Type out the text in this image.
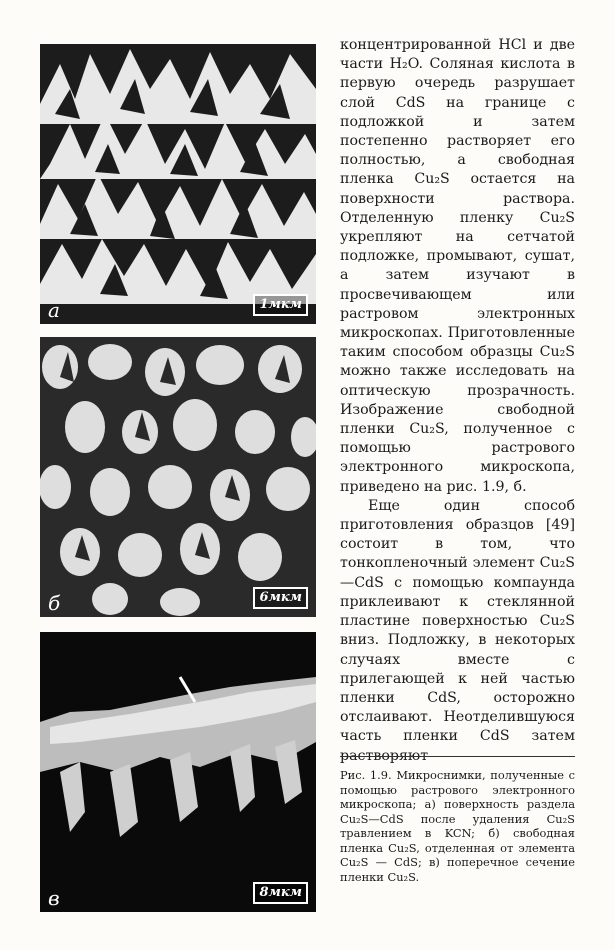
а	1мкм
б	6мкм
в	8мкм

концентрированной HCl и две части H₂O. Соляная кислота в первую очередь разрушает слой CdS на границе с подложкой и затем постепенно растворяет его полностью, а свободная пленка Cu₂S остается на поверхности раствора. Отделенную пленку Cu₂S укрепляют на сетчатой подложке, промывают, сушат, а затем изучают в просвечивающем или растровом электронных микроскопах. Приготовленные таким способом образцы Cu₂S можно также исследовать на оптическую прозрачность. Изображение свободной пленки Cu₂S, полученное с помощью растрового электронного микроскопа, приведено на рис. 1.9, б.

Еще один способ приготовления образцов [49] состоит в том, что тонкопленочный элемент Cu₂S—CdS с помощью компаунда приклеивают к стеклянной пластине поверхностью Cu₂S вниз. Подложку, в некоторых случаях вместе с прилегающей к ней частью пленки CdS, осторожно отслаивают. Неотделившуюся часть пленки CdS затем растворяют

Рис. 1.9. Микроснимки, полученные с помощью растрового электронного микроскопа; а) поверхность раздела Cu₂S—CdS после удаления Cu₂S травлением в KCN; б) свободная пленка Cu₂S, отделенная от элемента Cu₂S — CdS; в) поперечное сечение пленки Cu₂S.
